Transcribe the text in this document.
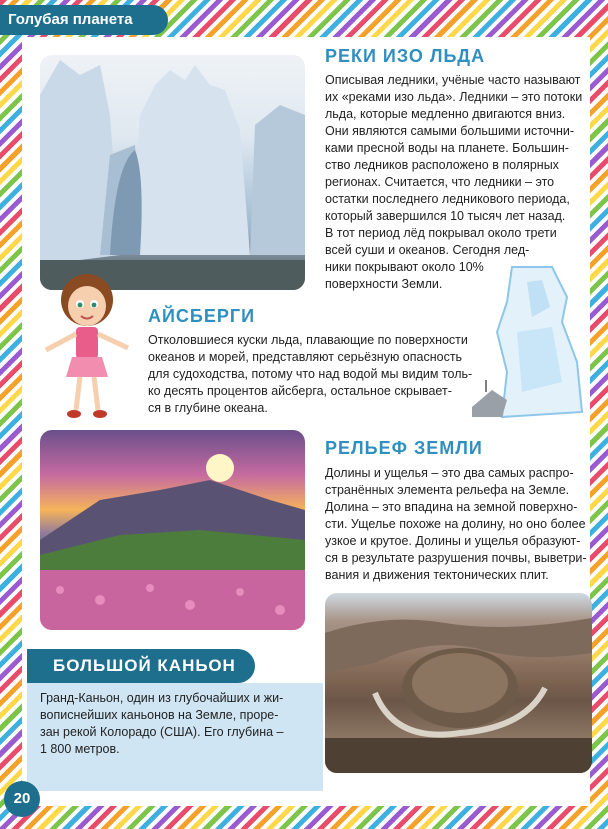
Голубая планета
РЕКИ ИЗО ЛЬДА

Описывая ледники, учёные часто называют

их «реками изо льда». Ледники – это потоки

льда, которые медленно двигаются вниз.

Они являются самыми большими источни-

ками пресной воды на планете. Большин-

ство ледников расположено в полярных

регионах. Считается, что ледники – это

остатки последнего ледникового периода,

который завершился 10 тысяч лет назад.

В тот период лёд покрывал около трети

всей суши и океанов. Сегодня лед-

ники покрывают около 10%

поверхности Земли.

АЙСБЕРГИ

Отколовшиеся куски льда, плавающие по поверхности

океанов и морей, представляют серьёзную опасность

для судоходства, потому что над водой мы видим толь-

ко десять процентов айсберга, остальное скрывает-

ся в глубине океана.

РЕЛЬЕФ ЗЕМЛИ

Долины и ущелья – это два самых распро-

странённых элемента рельефа на Земле.

Долина – это впадина на земной поверхно-

сти. Ущелье похоже на долину, но оно более

узкое и крутое. Долины и ущелья образуют-

ся в результате разрушения почвы, выветри-

вания и движения тектонических плит.

БОЛЬШОЙ КАНЬОН

Гранд-Каньон, один из глубочайших и жи-

вописнейших каньонов на Земле, проре-

зан рекой Колорадо (США). Его глубина –

1 800 метров.

20
